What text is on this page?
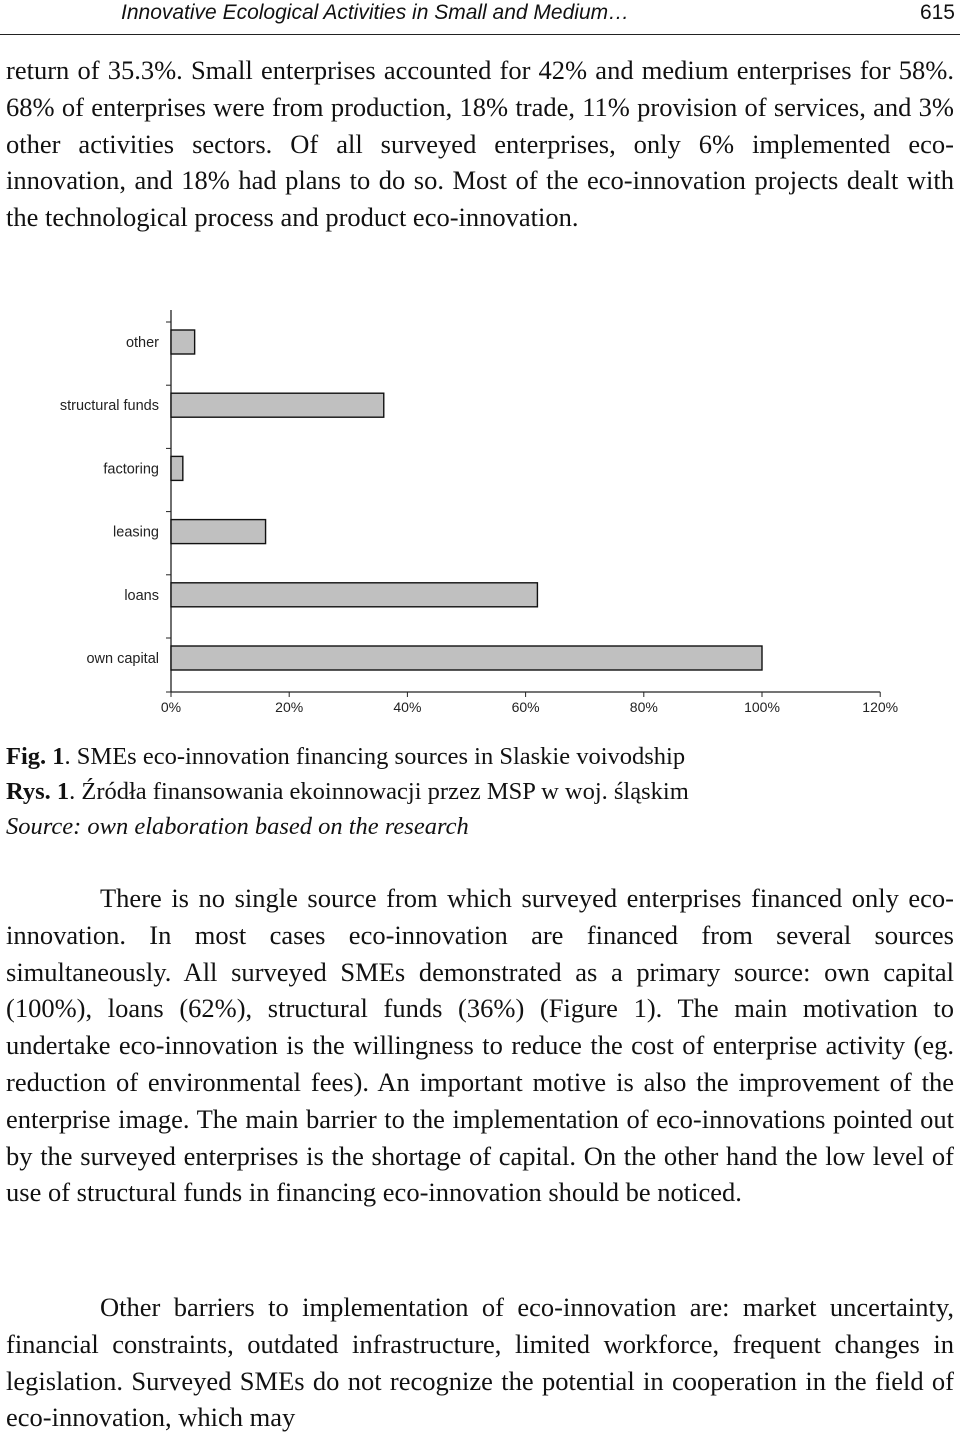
Innovative Ecological Activities in Small and Medium…	615

return of 35.3%. Small enterprises accounted for 42% and medium enterprises for 58%. 68% of enterprises were from production, 18% trade, 11% provision of services, and 3% other activities sectors. Of all surveyed enterprises, only 6% implemented eco-innovation, and 18% had plans to do so. Most of the eco-innovation projects dealt with the technological process and product eco-innovation.

0%	20%	40%	60%	80%	100%	120%
other
structural funds
factoring
leasing
loans
own capital
Fig. 1. SMEs eco-innovation financing sources in Slaskie voivodship
Rys. 1. Źródła finansowania ekoinnowacji przez MSP w woj. śląskim
Source: own elaboration based on the research

There is no single source from which surveyed enterprises financed only eco-innovation. In most cases eco-innovation are financed from several sources simultaneously. All surveyed SMEs demonstrated as a primary source: own capital (100%), loans (62%), structural funds (36%) (Figure 1). The main motivation to undertake eco-innovation is the willingness to reduce the cost of enterprise activity (eg. reduction of environmental fees). An important motive is also the improvement of the enterprise image. The main barrier to the implementation of eco-innovations pointed out by the surveyed enterprises is the shortage of capital. On the other hand the low level of use of structural funds in financing eco-innovation should be noticed.

Other barriers to implementation of eco-innovation are: market uncertainty, financial constraints, outdated infrastructure, limited workforce, frequent changes in legislation. Surveyed SMEs do not recognize the potential in cooperation in the field of eco-innovation, which may
